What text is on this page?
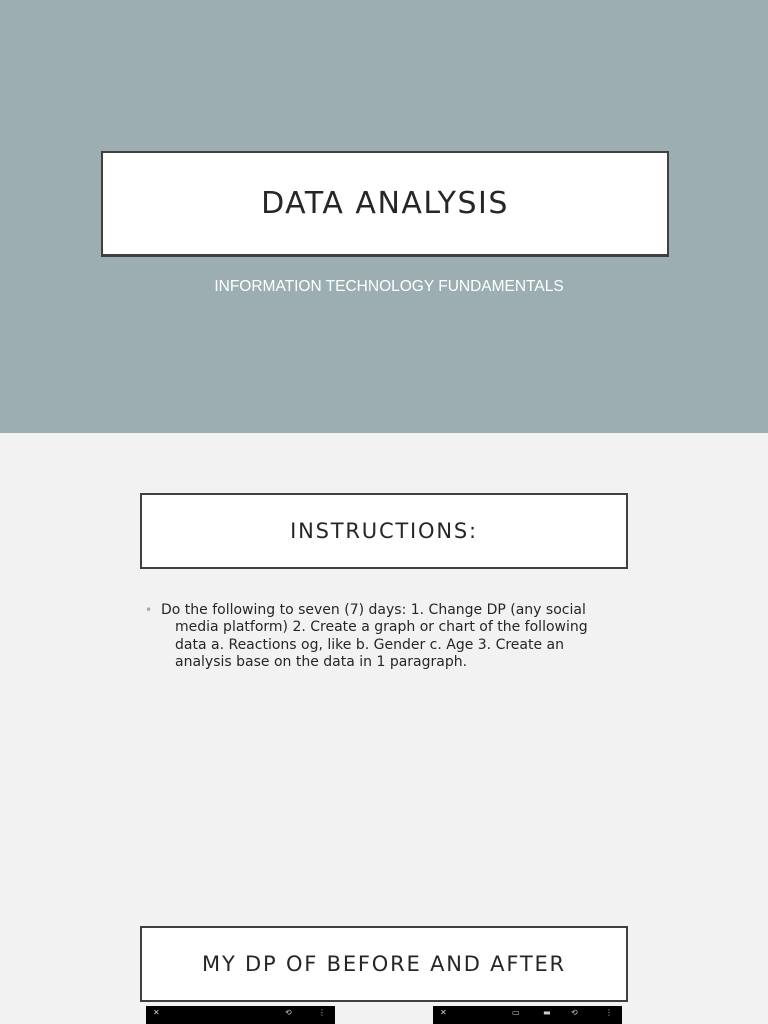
DATA ANALYSIS
INFORMATION TECHNOLOGY FUNDAMENTALS
INSTRUCTIONS:
• Do the following to seven (7) days: 1. Change DP (any social media platform) 2. Create a graph or chart of the following data a. Reactions og, like b. Gender c. Age 3. Create an analysis base on the data in 1 paragraph.
MY DP OF BEFORE AND AFTER
✕	⟲	⋮	✕	▭	▬	⟲	⋮
